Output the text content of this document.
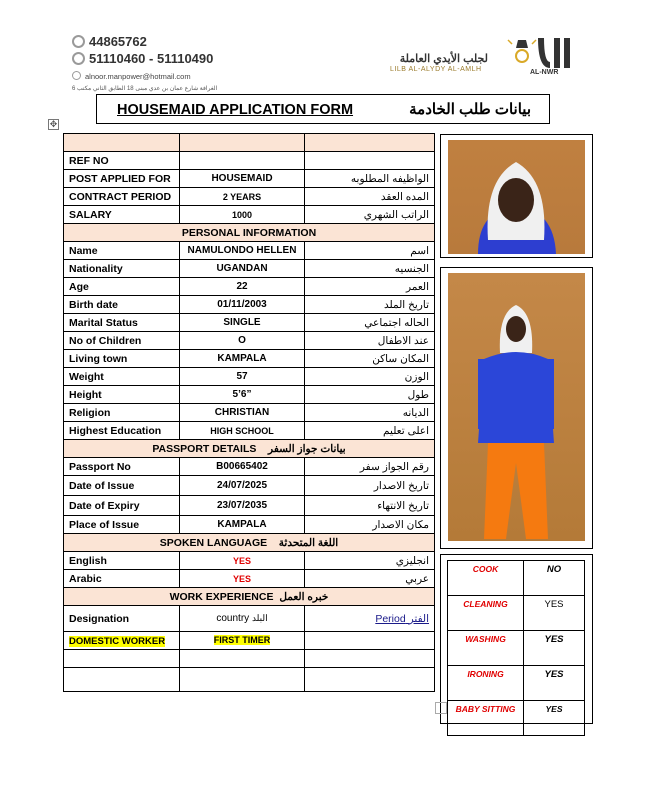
44865762
51110460 - 51110490
alnoor.manpower@hotmail.com
الغرافة شارع عمان بن عدي مبنى 18 الطابق الثاني مكتب 6
لجلب الأيدي العاملة
LILB AL-ALYDY AL-AMLH	AL-NWR
HOUSEMAID APPLICATION FORM	بيانات طلب الخادمة
✥

REF NO		
POST APPLIED FOR	HOUSEMAID	الواظيفه المطلوبه
CONTRACT PERIOD	2 YEARS	المده العقد
SALARY	1000	الراتب الشهري
PERSONAL INFORMATION		
Name	NAMULONDO HELLEN	اسم
Nationality	UGANDAN	الجنسيه
Age	22	العمر
Birth date	01/11/2003	تاريخ الملد
Marital Status	SINGLE	الحاله اجتماعي
No of Children	O	عند الاطفال
Living town	KAMPALA	المكان ساكن
Weight	57	الوزن
Height	5’6”	طول
Religion	CHRISTIAN	الديانه
Highest Education	HIGH SCHOOL	اعلى تعليم
PASSPORT DETAILS بيانات جواز السفر		
Passport No	B00665402	رقم الجواز سفر
Date of Issue	24/07/2025	تاريخ الاصدار
Date of Expiry	23/07/2035	تاريخ الانتهاء
Place of Issue	KAMPALA	مكان الاصدار
SPOKEN LANGUAGE اللغة المتحدثة		
English	YES	انجليزي
Arabic	YES	عربي
WORK EXPERIENCE خبره العمل		
Designation	country البلد	Period الفتر
DOMESTIC WORKER	FIRST TIMER	

COOK	NO
CLEANING	YES
WASHING	YES
IRONING	YES
BABY SITTING	YES
